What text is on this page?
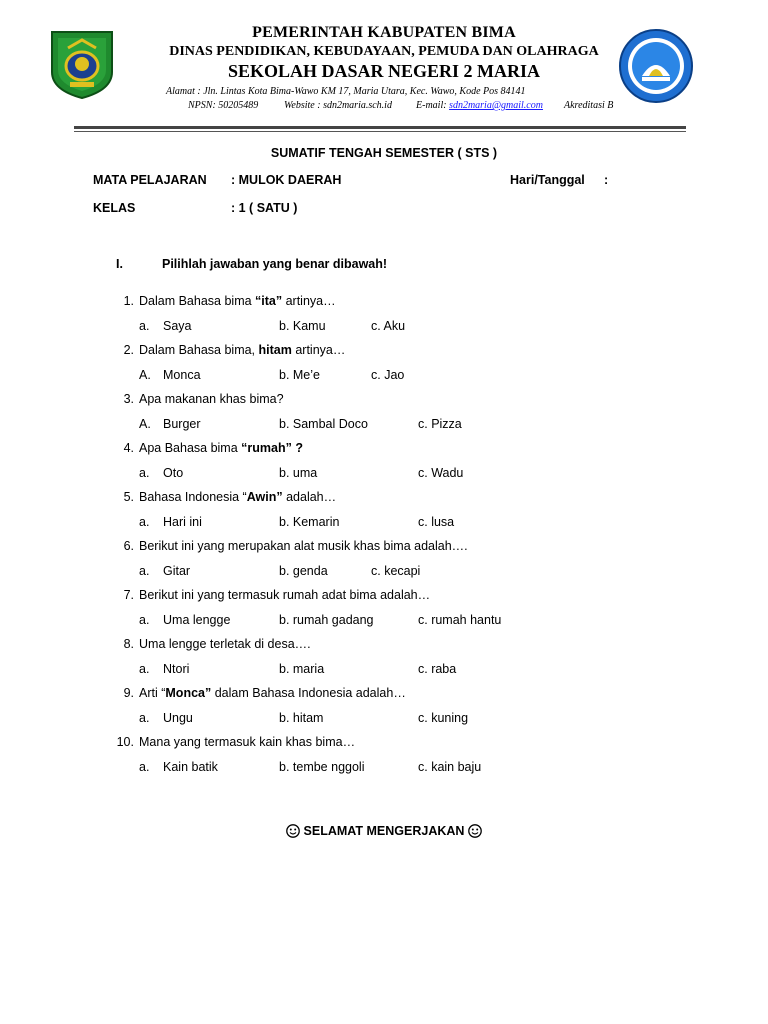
PEMERINTAH KABUPATEN BIMA
DINAS PENDIDIKAN, KEBUDAYAAN, PEMUDA DAN OLAHRAGA
SEKOLAH DASAR NEGERI 2 MARIA
Alamat : Jln. Lintas Kota Bima-Wawo KM 17, Maria Utara, Kec. Wawo, Kode Pos 84141
NPSN: 50205489	Website : sdn2maria.sch.id E-mail: sdn2maria@gmail.com Akreditasi B
SUMATIF TENGAH SEMESTER ( STS )
MATA PELAJARAN : MULOK DAERAH	Hari/Tanggal :
KELAS	: 1 ( SATU )
I.	Pilihlah jawaban yang benar dibawah!
1. Dalam Bahasa bima “ita” artinya…
a. Saya	b. Kamu	c. Aku
2. Dalam Bahasa bima, hitam artinya…
A. Monca	b. Me’e	c. Jao
3. Apa makanan khas bima?
A. Burger	b. Sambal Doco	c. Pizza
4. Apa Bahasa bima “rumah” ?
a. Oto	b. uma	c. Wadu
5. Bahasa Indonesia “Awin” adalah…
a. Hari ini	b. Kemarin	c. lusa
6. Berikut ini yang merupakan alat musik khas bima adalah….
a. Gitar	b. genda	c. kecapi
7. Berikut ini yang termasuk rumah adat bima adalah…
a. Uma lengge	b. rumah gadang	c. rumah hantu
8. Uma lengge terletak di desa….
a. Ntori	b. maria	c. raba
9. Arti “Monca” dalam Bahasa Indonesia adalah…
a. Ungu	b. hitam	c. kuning
10. Mana yang termasuk kain khas bima…
a. Kain batik	b. tembe nggoli	c. kain baju
SELAMAT MENGERJAKAN
